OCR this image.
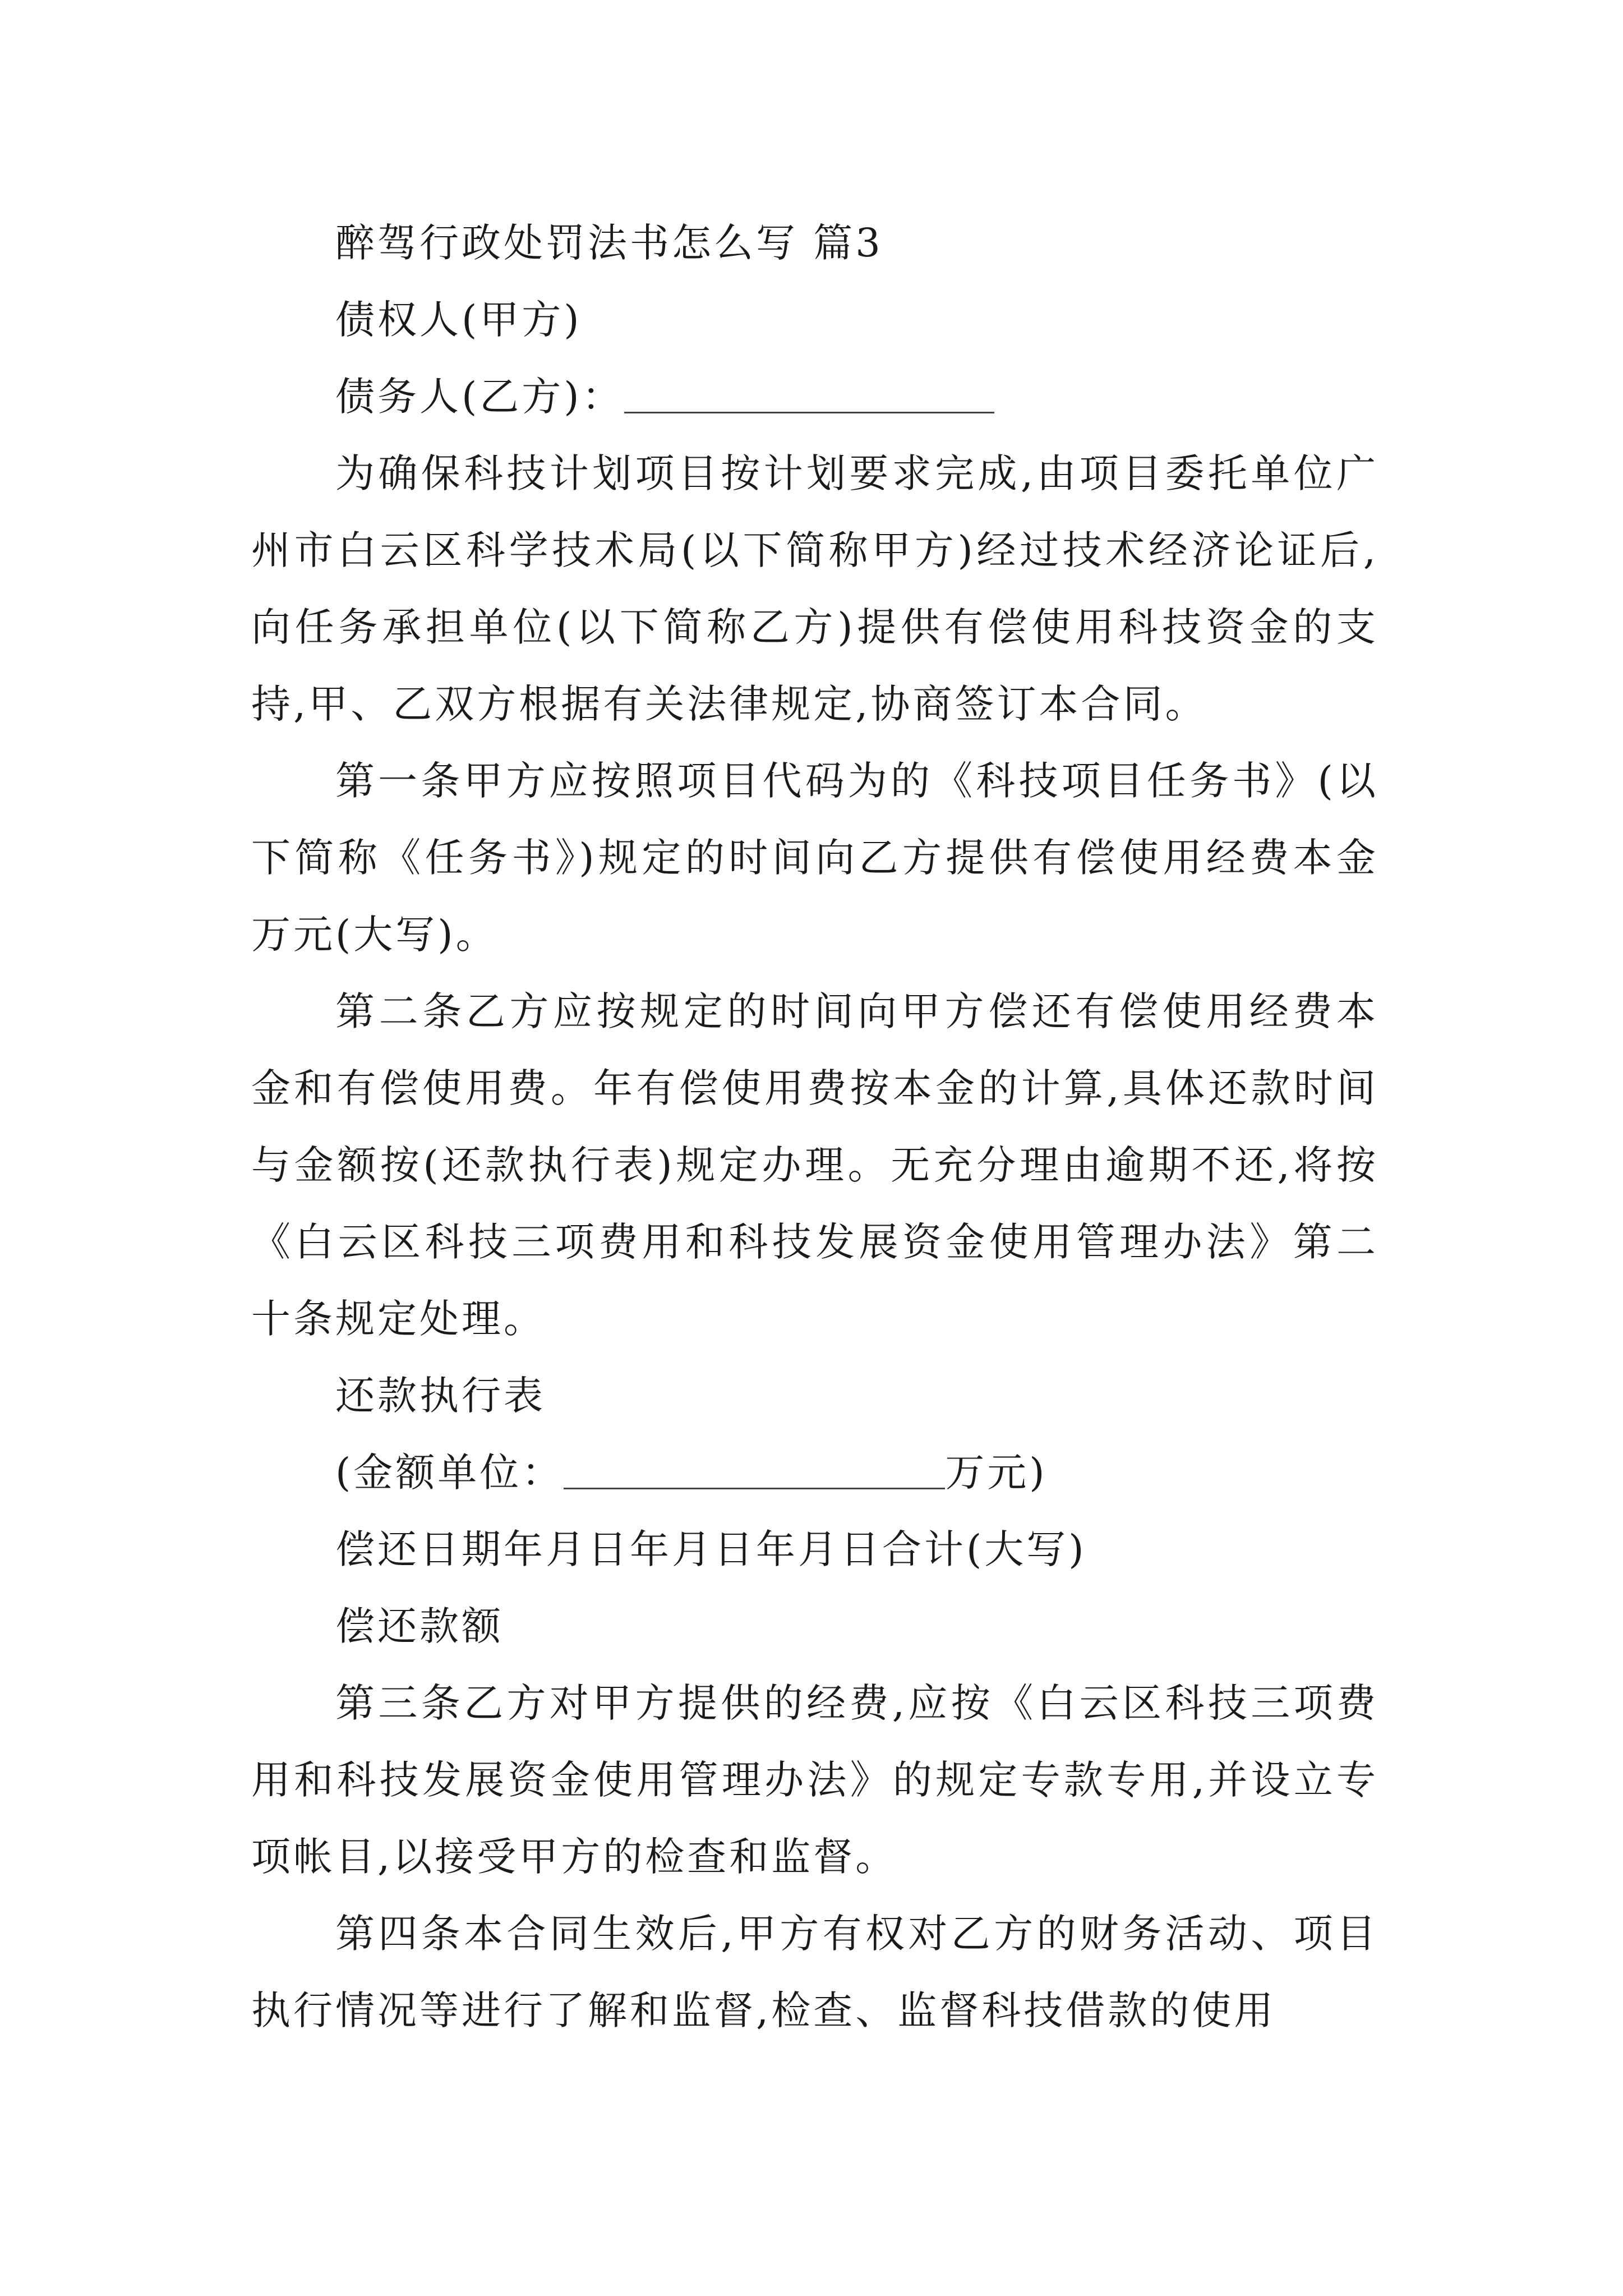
醉驾行政处罚法书怎么写 篇3
债权人(甲方)
债务人(乙方)：

为确保科技计划项目按计划要求完成,由项目委托单位广州市白云区科学技术局(以下简称甲方)经过技术经济论证后,向任务承担单位(以下简称乙方)提供有偿使用科技资金的支持,甲、乙双方根据有关法律规定,协商签订本合同。

第一条甲方应按照项目代码为的《科技项目任务书》(以下简称《任务书》)规定的时间向乙方提供有偿使用经费本金万元(大写)。

第二条乙方应按规定的时间向甲方偿还有偿使用经费本金和有偿使用费。年有偿使用费按本金的计算,具体还款时间与金额按(还款执行表)规定办理。无充分理由逾期不还,将按《白云区科技三项费用和科技发展资金使用管理办法》第二十条规定处理。

还款执行表
(金额单位：	万元)
偿还日期年月日年月日年月日合计(大写)
偿还款额

第三条乙方对甲方提供的经费,应按《白云区科技三项费用和科技发展资金使用管理办法》的规定专款专用,并设立专项帐目,以接受甲方的检查和监督。

第四条本合同生效后,甲方有权对乙方的财务活动、项目执行情况等进行了解和监督,检查、监督科技借款的使用
